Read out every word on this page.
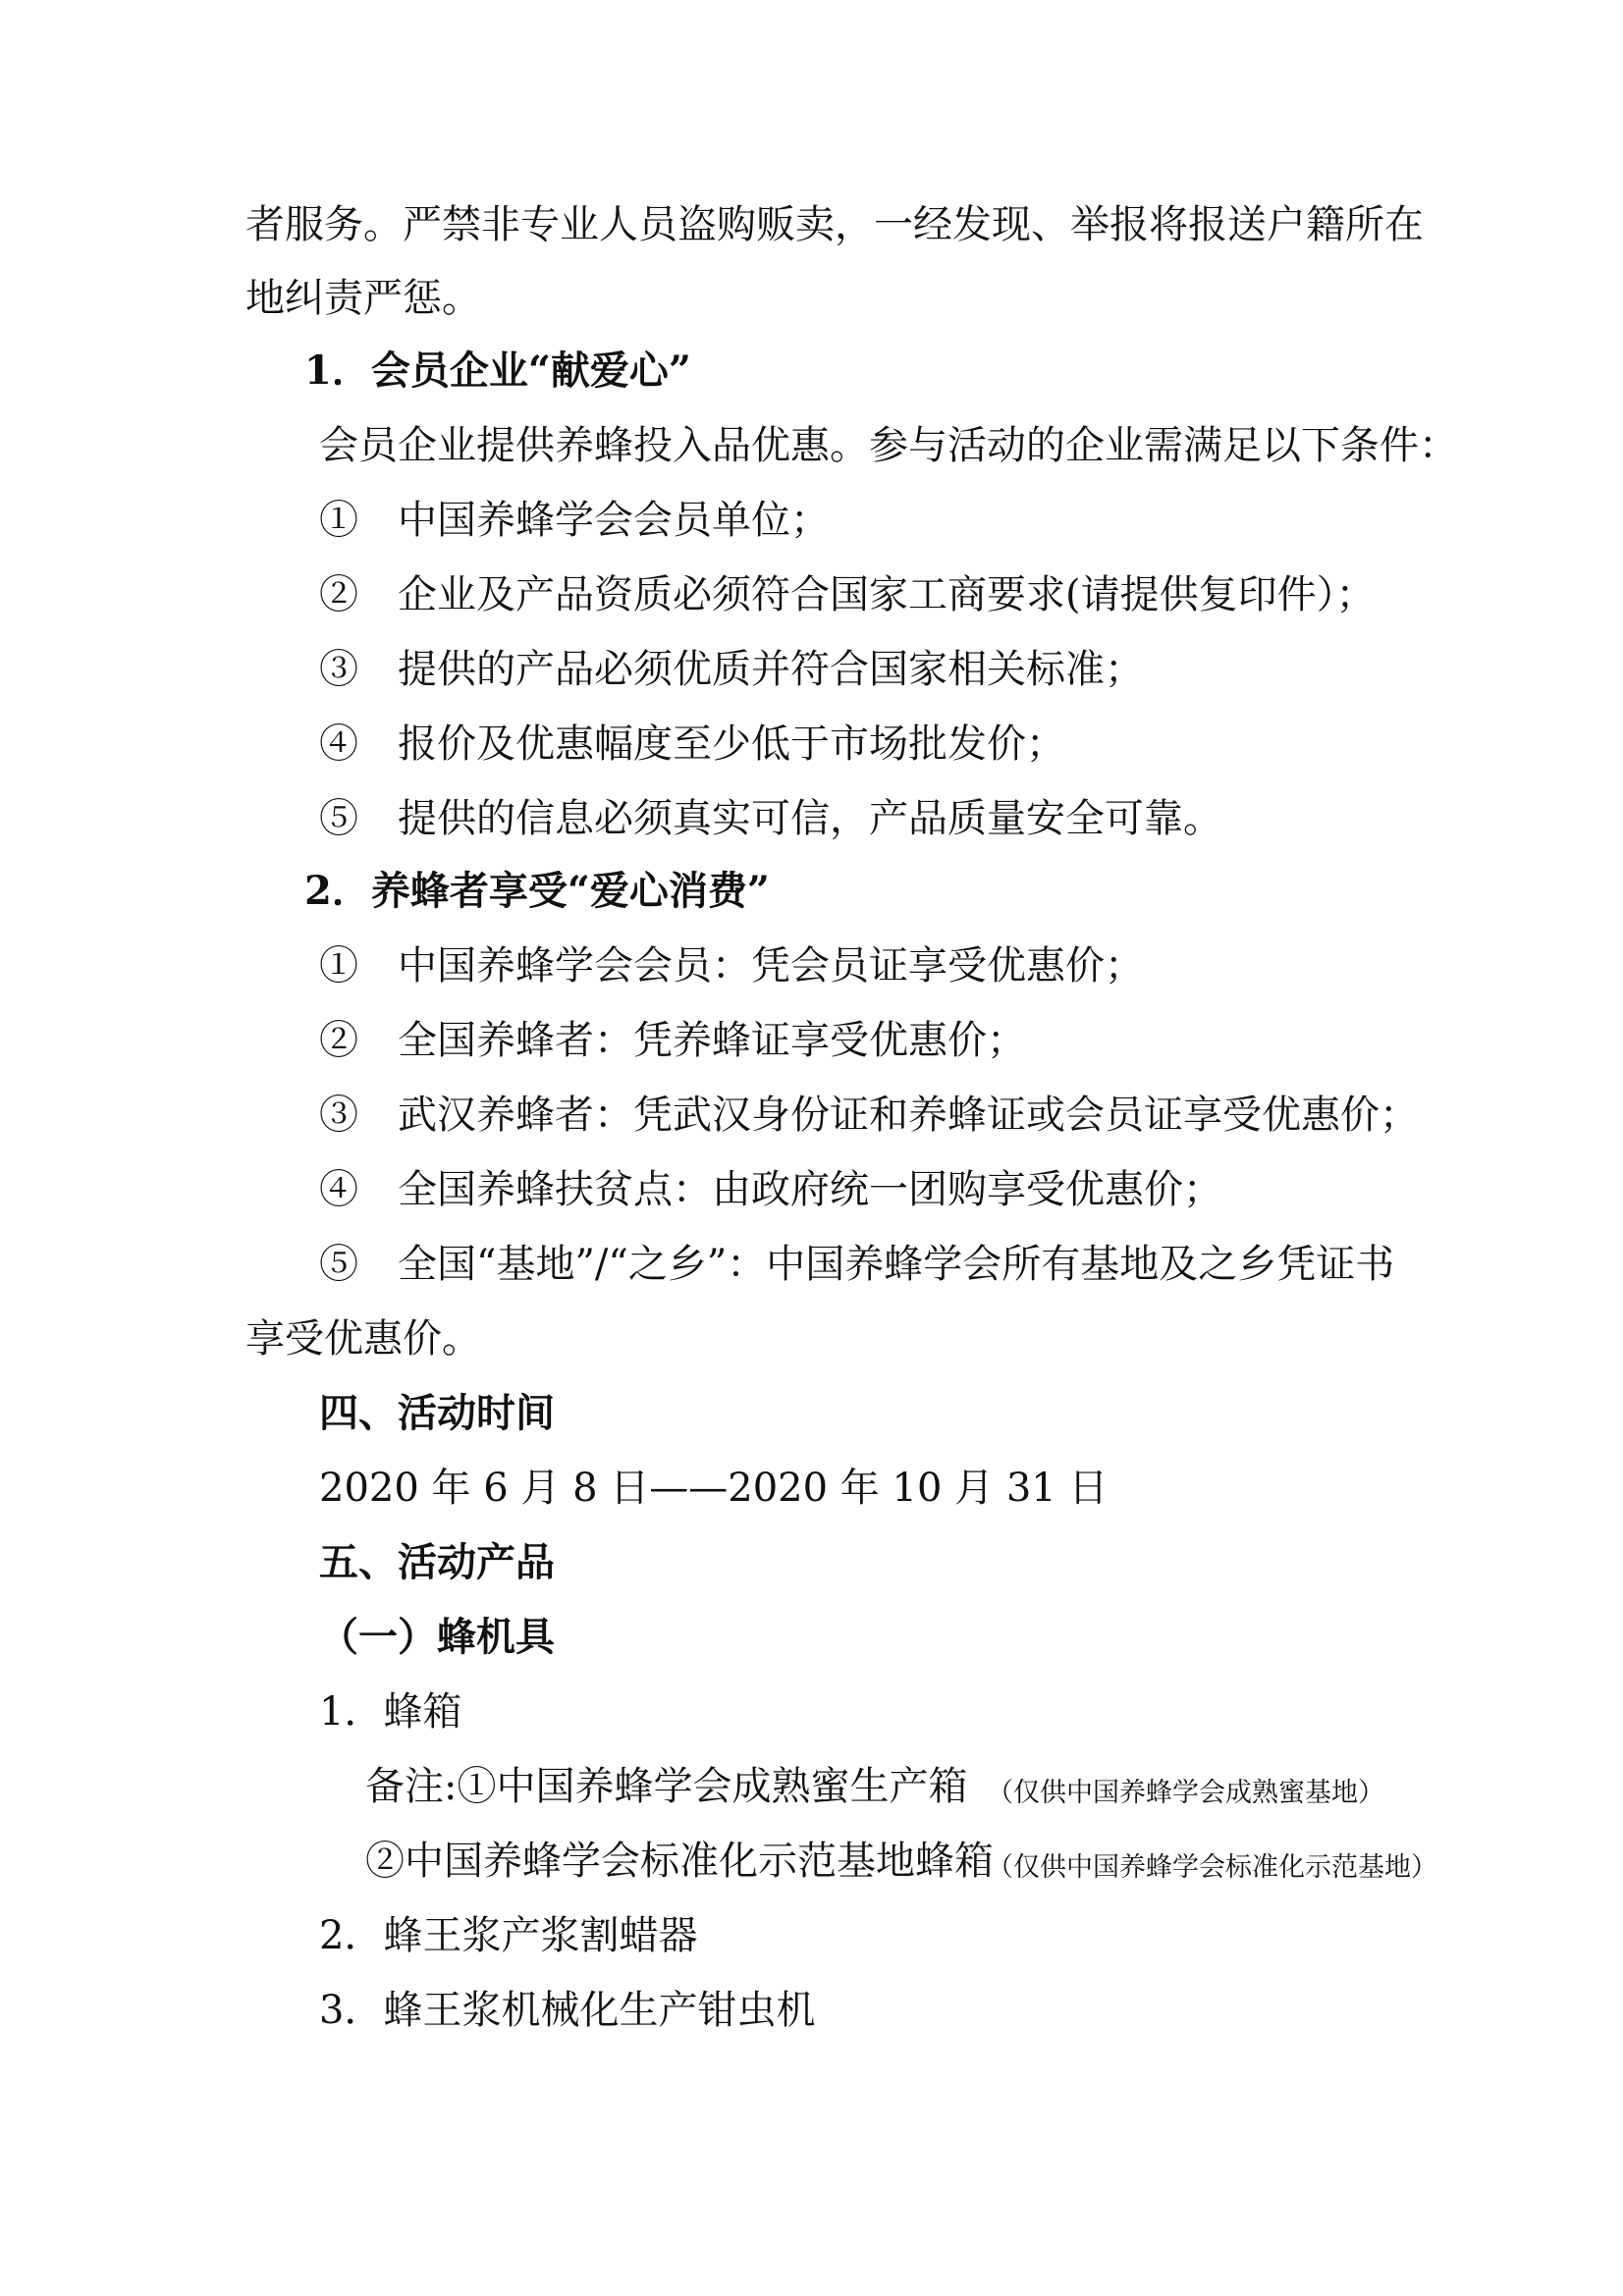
者服务。严禁非专业人员盗购贩卖，一经发现、举报将报送户籍所在
地纠责严惩。
1．会员企业“献爱心”
会员企业提供养蜂投入品优惠。参与活动的企业需满足以下条件：
①　中国养蜂学会会员单位；
②　企业及产品资质必须符合国家工商要求(请提供复印件）；
③　提供的产品必须优质并符合国家相关标准；
④　报价及优惠幅度至少低于市场批发价；
⑤　提供的信息必须真实可信，产品质量安全可靠。
2．养蜂者享受“爱心消费”
①　中国养蜂学会会员：凭会员证享受优惠价；
②　全国养蜂者：凭养蜂证享受优惠价；
③　武汉养蜂者：凭武汉身份证和养蜂证或会员证享受优惠价；
④　全国养蜂扶贫点：由政府统一团购享受优惠价；
⑤　全国“基地”/“之乡”：中国养蜂学会所有基地及之乡凭证书
享受优惠价。
四、活动时间
2020 年 6 月 8 日——2020 年 10 月 31 日
五、活动产品
（一）蜂机具
1．蜂箱
备注:①中国养蜂学会成熟蜜生产箱 （仅供中国养蜂学会成熟蜜基地）
②中国养蜂学会标准化示范基地蜂箱
（仅供中国养蜂学会标准化示范基地）
2．蜂王浆产浆割蜡器
3．蜂王浆机械化生产钳虫机
